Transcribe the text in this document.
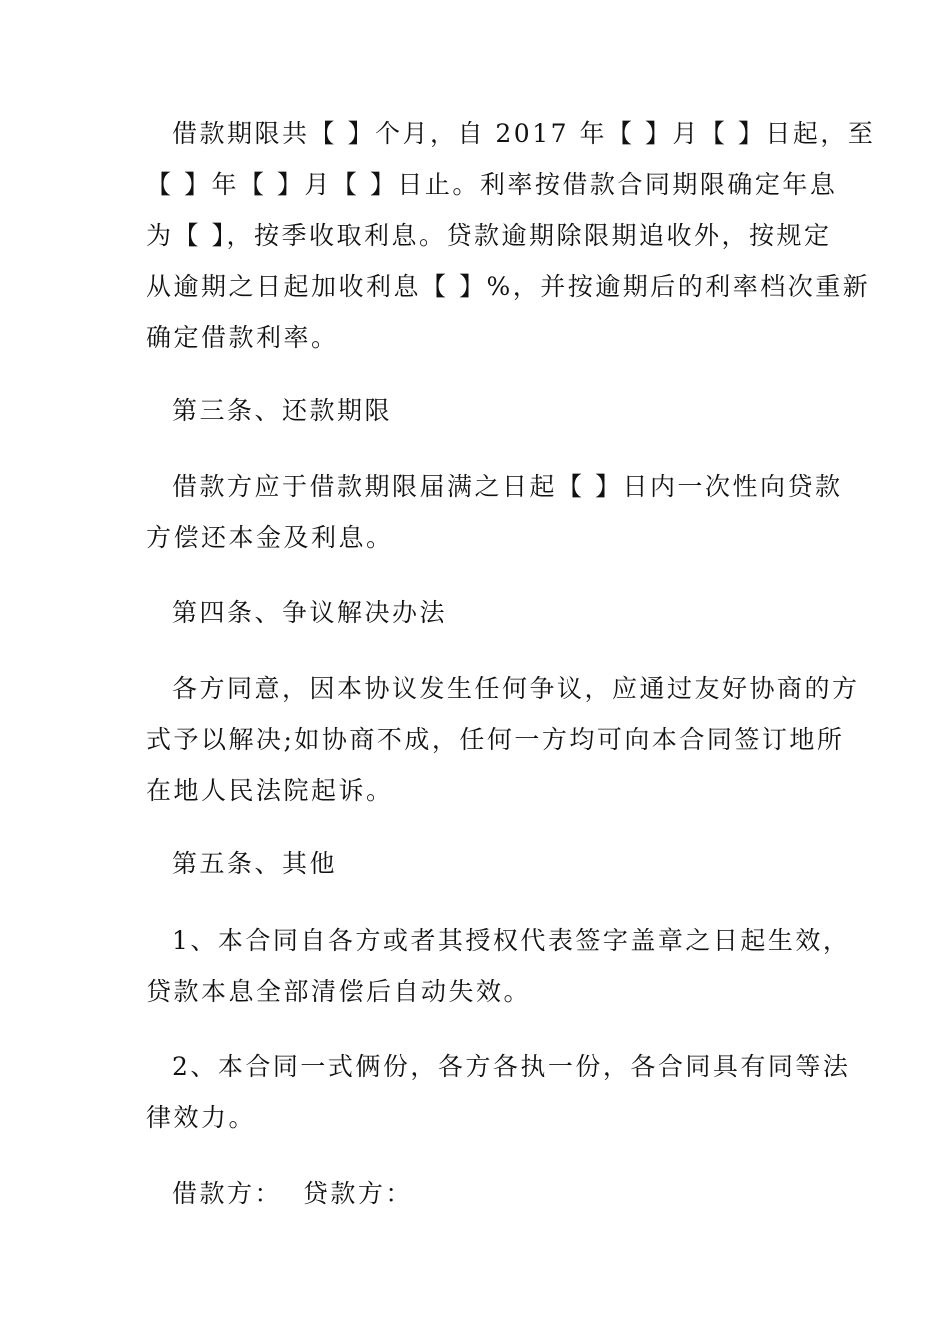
借款期限共【 】个月，自 2017 年【 】月【 】日起，至
【 】年【 】月【 】日止。利率按借款合同期限确定年息
为【 】，按季收取利息。贷款逾期除限期追收外，按规定
从逾期之日起加收利息【 】%，并按逾期后的利率档次重新
确定借款利率。

第三条、还款期限

借款方应于借款期限届满之日起【 】日内一次性向贷款
方偿还本金及利息。

第四条、争议解决办法

各方同意，因本协议发生任何争议，应通过友好协商的方
式予以解决;如协商不成，任何一方均可向本合同签订地所
在地人民法院起诉。

第五条、其他

1、本合同自各方或者其授权代表签字盖章之日起生效，
贷款本息全部清偿后自动失效。

2、本合同一式俩份，各方各执一份，各合同具有同等法
律效力。

借款方：  贷款方：
